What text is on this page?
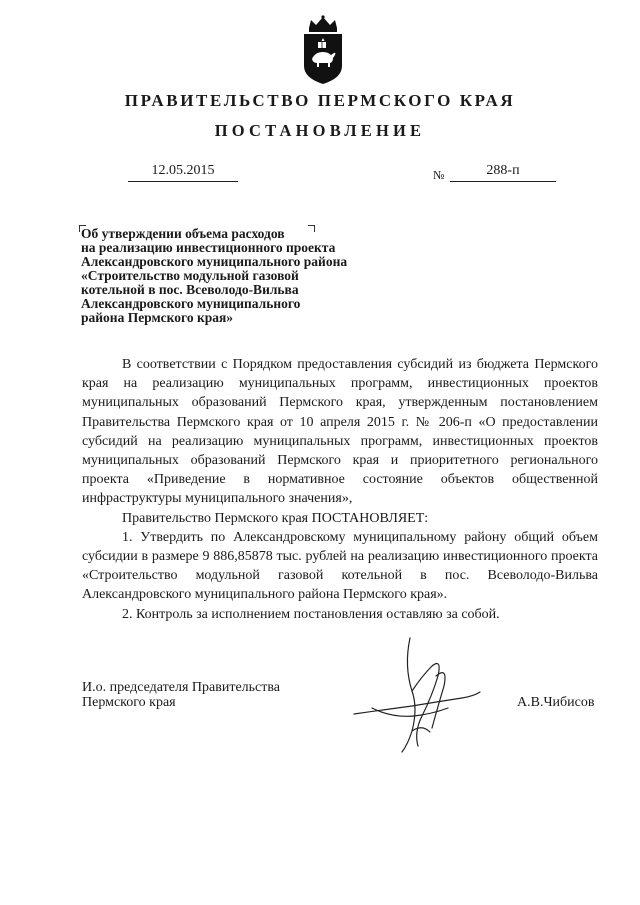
ПРАВИТЕЛЬСТВО ПЕРМСКОГО КРАЯ
ПОСТАНОВЛЕНИЕ
12.05.2015	№	288-п
Об утверждении объема расходов
на реализацию инвестиционного проекта
Александровского муниципального района
«Строительство модульной газовой
котельной в пос. Всеволодо-Вильва
Александровского муниципального
района Пермского края»

В соответствии с Порядком предоставления субсидий из бюджета Пермского края на реализацию муниципальных программ, инвестиционных проектов муниципальных образований Пермского края, утвержденным постановлением Правительства Пермского края от 10 апреля 2015 г. № 206-п «О предоставлении субсидий на реализацию муниципальных программ, инвестиционных проектов муниципальных образований Пермского края и приоритетного регионального проекта «Приведение в нормативное состояние объектов общественной инфраструктуры муниципального значения»,

Правительство Пермского края ПОСТАНОВЛЯЕТ:

1. Утвердить по Александровскому муниципальному району общий объем субсидии в размере 9 886,85878 тыс. рублей на реализацию инвестиционного проекта «Строительство модульной газовой котельной в пос. Всеволодо-Вильва Александровского муниципального района Пермского края».

2. Контроль за исполнением постановления оставляю за собой.

И.о. председателя Правительства
Пермского края	А.В.Чибисов
